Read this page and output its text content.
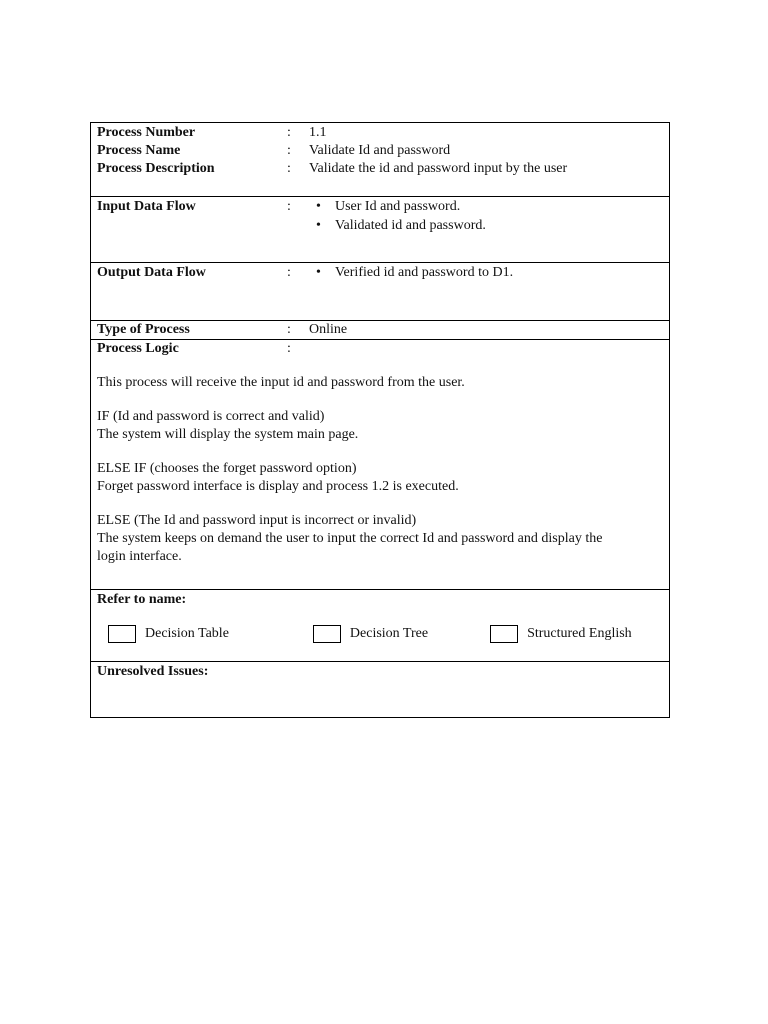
Process Number	:	1.1
Process Name	:	Validate Id and password
Process Description	:	Validate the id and password input by the user
Input Data Flow	:	• User Id and password.
• Validated id and password.
Output Data Flow	:	• Verified id and password to D1.
Type of Process	:	Online
Process Logic	:

This process will receive the input id and password from the user.

IF (Id and password is correct and valid)

The system will display the system main page.

ELSE IF (chooses the forget password option)

Forget password interface is display and process 1.2 is executed.

ELSE (The Id and password input is incorrect or invalid)

The system keeps on demand the user to input the correct Id and password and display the

login interface.

Refer to name:
Decision Table	Decision Tree	Structured English
Unresolved Issues:
